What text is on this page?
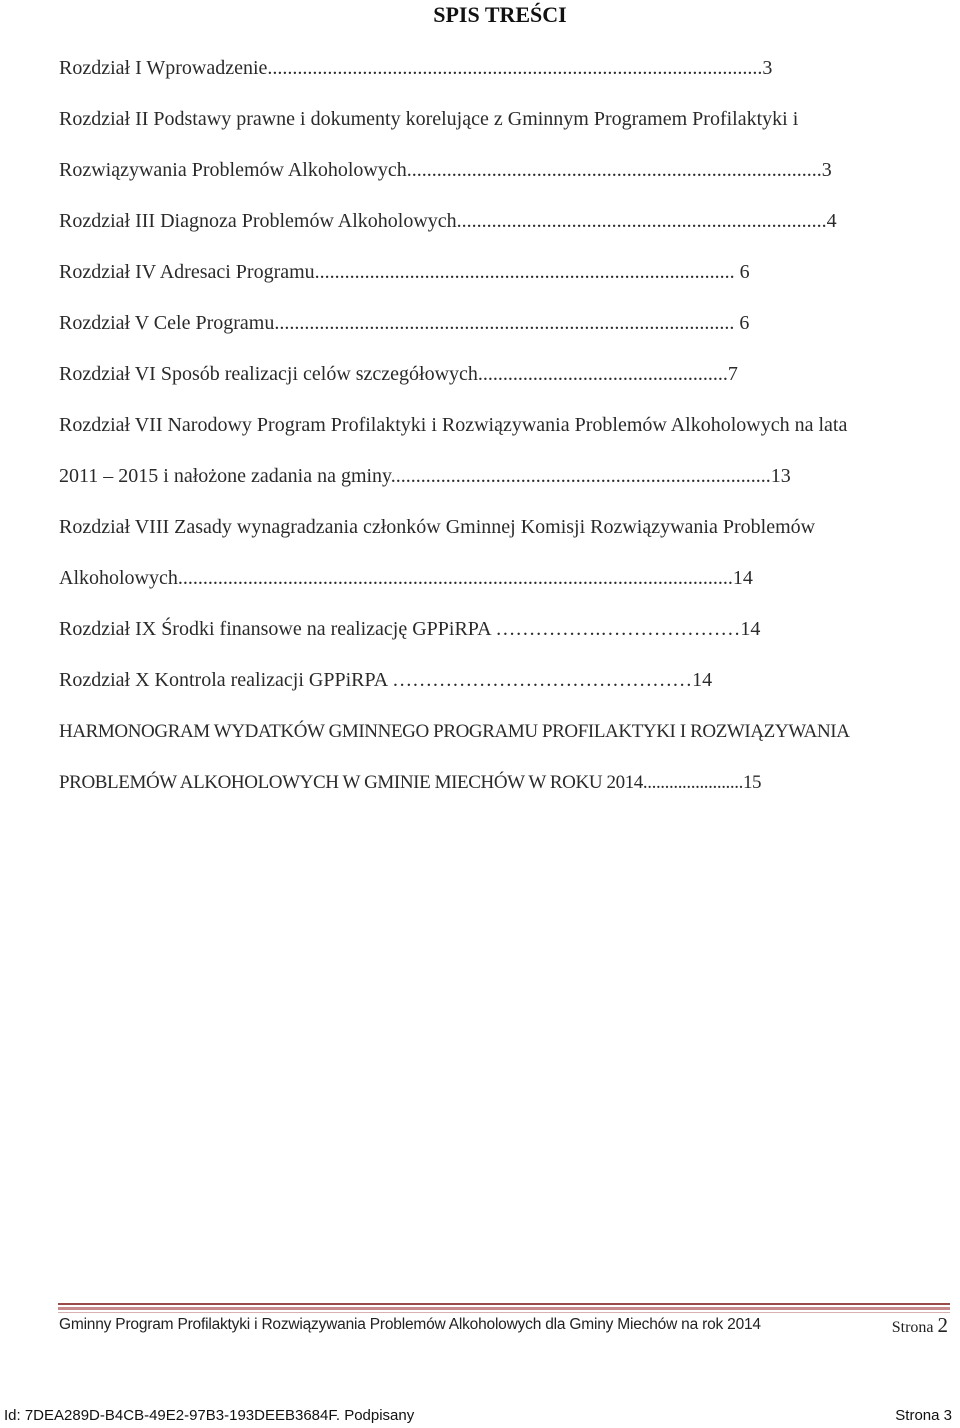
SPIS TREŚCI
Rozdział I Wprowadzenie...................................................................................................3
Rozdział II Podstawy prawne i dokumenty korelujące z Gminnym Programem Profilaktyki i
Rozwiązywania Problemów Alkoholowych...................................................................................3
Rozdział III Diagnoza Problemów Alkoholowych..........................................................................4
Rozdział IV Adresaci Programu.................................................................................... 6
Rozdział V Cele Programu............................................................................................ 6
Rozdział VI Sposób realizacji celów szczegółowych..................................................7
Rozdział VII Narodowy Program Profilaktyki i Rozwiązywania Problemów Alkoholowych na lata
2011 – 2015 i nałożone zadania na gminy............................................................................13
Rozdział VIII Zasady wynagradzania członków Gminnej Komisji Rozwiązywania Problemów
Alkoholowych...............................................................................................................14
Rozdział IX Środki finansowe na realizację GPPiRPA …………….…………………14
Rozdział X Kontrola realizacji GPPiRPA ………………………………………14
HARMONOGRAM WYDATKÓW GMINNEGO PROGRAMU PROFILAKTYKI I ROZWIĄZYWANIA
PROBLEMÓW ALKOHOLOWYCH W GMINIE MIECHÓW W ROKU 2014.......................15
Gminny Program Profilaktyki i Rozwiązywania Problemów Alkoholowych dla Gminy Miechów na rok 2014	Strona 2
Id: 7DEA289D-B4CB-49E2-97B3-193DEEB3684F. Podpisany	Strona 3
